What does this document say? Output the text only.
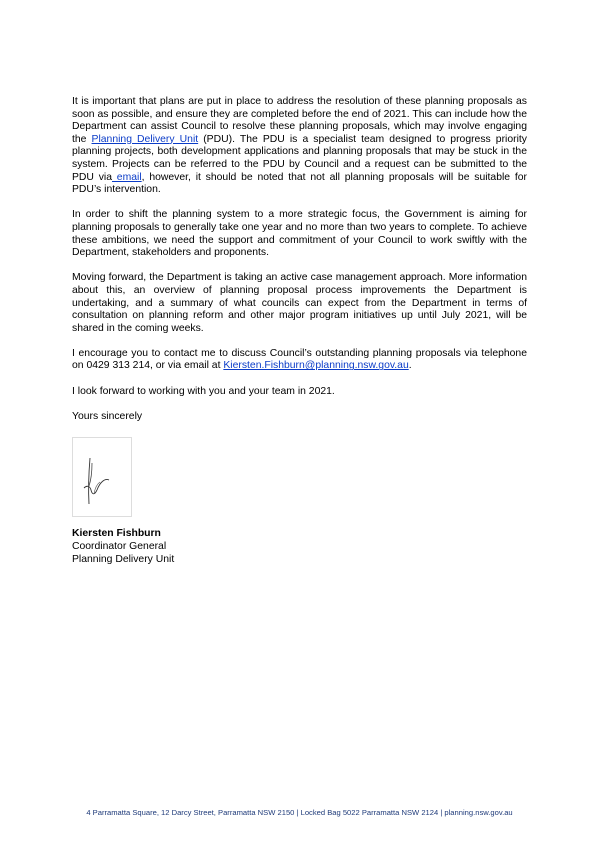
It is important that plans are put in place to address the resolution of these planning proposals as soon as possible, and ensure they are completed before the end of 2021. This can include how the Department can assist Council to resolve these planning proposals, which may involve engaging the Planning Delivery Unit (PDU). The PDU is a specialist team designed to progress priority planning projects, both development applications and planning proposals that may be stuck in the system. Projects can be referred to the PDU by Council and a request can be submitted to the PDU via email, however, it should be noted that not all planning proposals will be suitable for PDU’s intervention.

In order to shift the planning system to a more strategic focus, the Government is aiming for planning proposals to generally take one year and no more than two years to complete. To achieve these ambitions, we need the support and commitment of your Council to work swiftly with the Department, stakeholders and proponents.

Moving forward, the Department is taking an active case management approach. More information about this, an overview of planning proposal process improvements the Department is undertaking, and a summary of what councils can expect from the Department in terms of consultation on planning reform and other major program initiatives up until July 2021, will be shared in the coming weeks.

I encourage you to contact me to discuss Council’s outstanding planning proposals via telephone on 0429 313 214, or via email at Kiersten.Fishburn@planning.nsw.gov.au.

I look forward to working with you and your team in 2021.

Yours sincerely

Kiersten Fishburn
Coordinator General
Planning Delivery Unit
4 Parramatta Square, 12 Darcy Street, Parramatta NSW 2150 | Locked Bag 5022 Parramatta NSW 2124 | planning.nsw.gov.au
